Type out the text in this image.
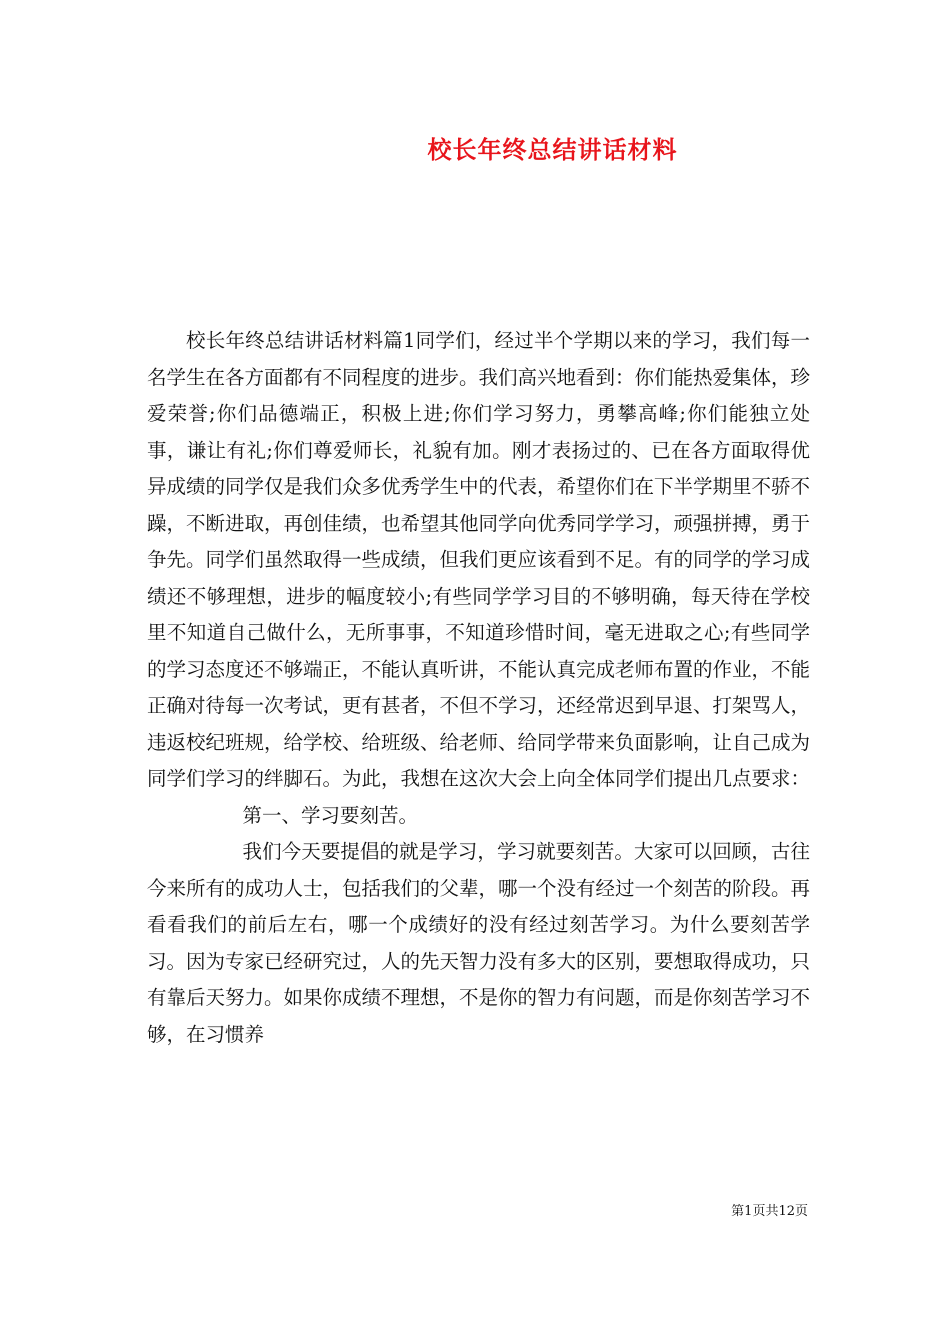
校长年终总结讲话材料

校长年终总结讲话材料篇1同学们，经过半个学期以来的学习，我们每一名学生在各方面都有不同程度的进步。我们高兴地看到：你们能热爱集体，珍爱荣誉;你们品德端正，积极上进;你们学习努力，勇攀高峰;你们能独立处事，谦让有礼;你们尊爱师长，礼貌有加。刚才表扬过的、已在各方面取得优异成绩的同学仅是我们众多优秀学生中的代表，希望你们在下半学期里不骄不躁，不断进取，再创佳绩，也希望其他同学向优秀同学学习，顽强拼搏，勇于争先。同学们虽然取得一些成绩，但我们更应该看到不足。有的同学的学习成绩还不够理想，进步的幅度较小;有些同学学习目的不够明确，每天待在学校里不知道自己做什么，无所事事，不知道珍惜时间，毫无进取之心;有些同学的学习态度还不够端正，不能认真听讲，不能认真完成老师布置的作业，不能正确对待每一次考试，更有甚者，不但不学习，还经常迟到早退、打架骂人，违返校纪班规，给学校、给班级、给老师、给同学带来负面影响，让自己成为同学们学习的绊脚石。为此，我想在这次大会上向全体同学们提出几点要求：

第一、学习要刻苦。

我们今天要提倡的就是学习，学习就要刻苦。大家可以回顾，古往今来所有的成功人士，包括我们的父辈，哪一个没有经过一个刻苦的阶段。再看看我们的前后左右，哪一个成绩好的没有经过刻苦学习。为什么要刻苦学习。因为专家已经研究过，人的先天智力没有多大的区别，要想取得成功，只有靠后天努力。如果你成绩不理想，不是你的智力有问题，而是你刻苦学习不够，在习惯养

第1页共12页
